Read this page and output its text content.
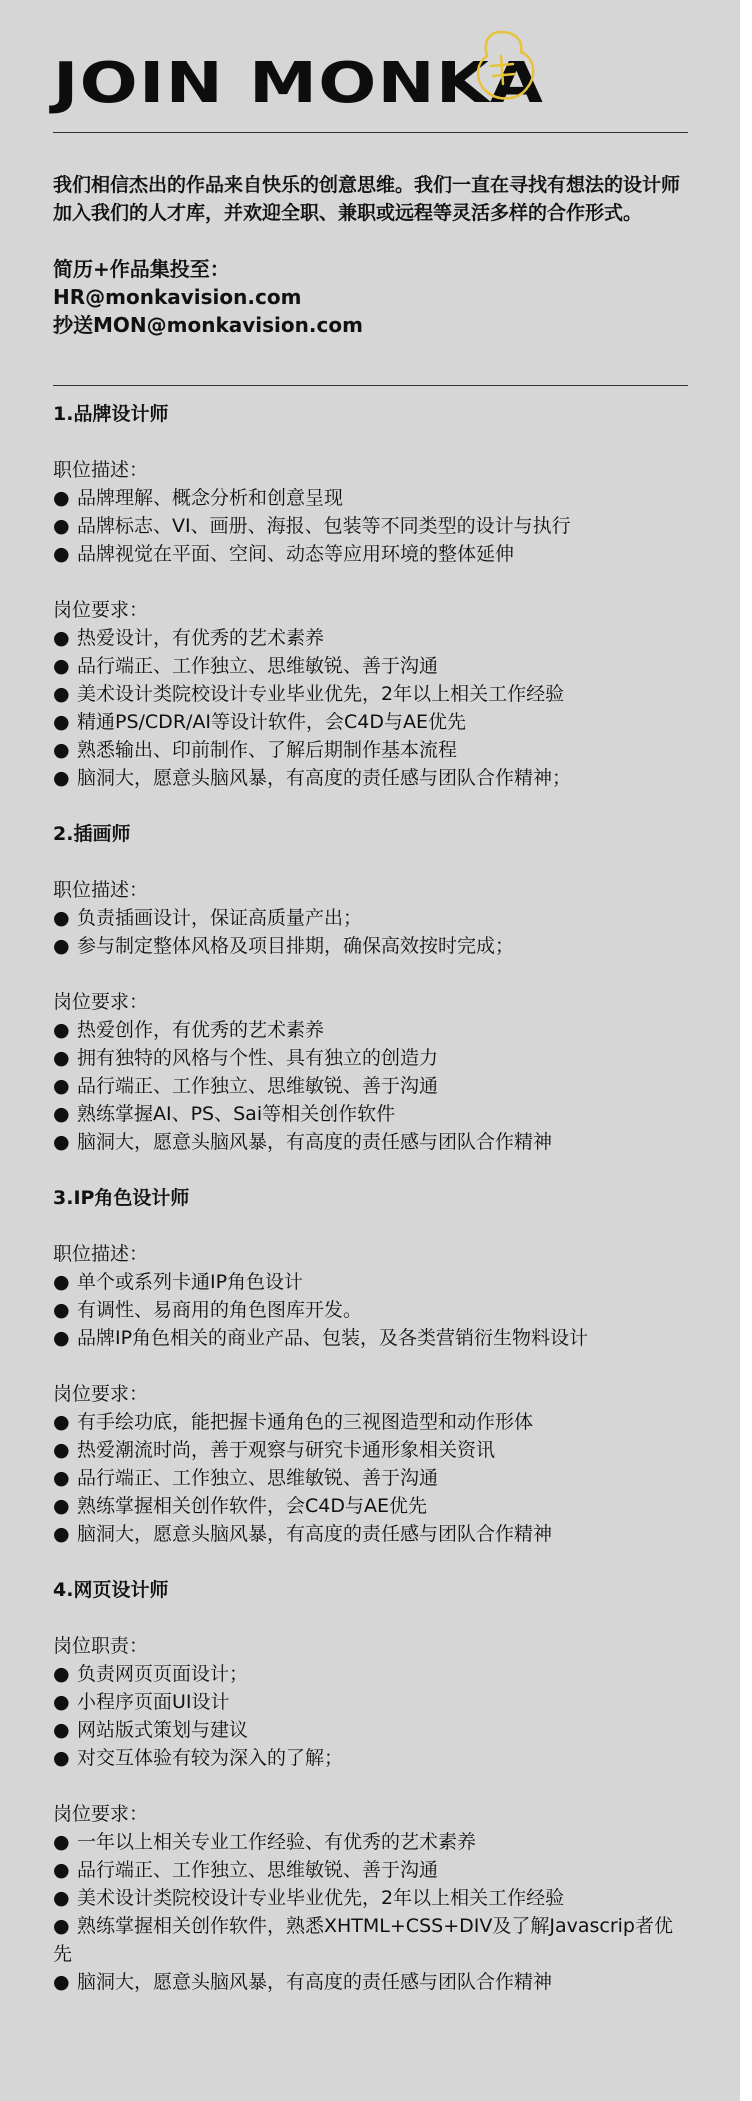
JOIN MONKA

我们相信杰出的作品来自快乐的创意思维。我们一直在寻找有想法的设计师加入我们的人才库，并欢迎全职、兼职或远程等灵活多样的合作形式。

简历+作品集投至：
HR@monkavision.com
抄送MON@monkavision.com
1.品牌设计师
职位描述：
● 品牌理解、概念分析和创意呈现
● 品牌标志、VI、画册、海报、包装等不同类型的设计与执行
● 品牌视觉在平面、空间、动态等应用环境的整体延伸
岗位要求：
● 热爱设计，有优秀的艺术素养
● 品行端正、工作独立、思维敏锐、善于沟通
● 美术设计类院校设计专业毕业优先，2年以上相关工作经验
● 精通PS/CDR/AI等设计软件，会C4D与AE优先
● 熟悉输出、印前制作、了解后期制作基本流程
● 脑洞大，愿意头脑风暴，有高度的责任感与团队合作精神；
2.插画师
职位描述：
● 负责插画设计，保证高质量产出；
● 参与制定整体风格及项目排期，确保高效按时完成；
岗位要求：
● 热爱创作，有优秀的艺术素养
● 拥有独特的风格与个性、具有独立的创造力
● 品行端正、工作独立、思维敏锐、善于沟通
● 熟练掌握AI、PS、Sai等相关创作软件
● 脑洞大，愿意头脑风暴，有高度的责任感与团队合作精神
3.IP角色设计师
职位描述：
● 单个或系列卡通IP角色设计
● 有调性、易商用的角色图库开发。
● 品牌IP角色相关的商业产品、包装，及各类营销衍生物料设计
岗位要求：
● 有手绘功底，能把握卡通角色的三视图造型和动作形体
● 热爱潮流时尚，善于观察与研究卡通形象相关资讯
● 品行端正、工作独立、思维敏锐、善于沟通
● 熟练掌握相关创作软件，会C4D与AE优先
● 脑洞大，愿意头脑风暴，有高度的责任感与团队合作精神
4.网页设计师
岗位职责：
● 负责网页页面设计；
● 小程序页面UI设计
● 网站版式策划与建议
● 对交互体验有较为深入的了解；
岗位要求：
● 一年以上相关专业工作经验、有优秀的艺术素养
● 品行端正、工作独立、思维敏锐、善于沟通
● 美术设计类院校设计专业毕业优先，2年以上相关工作经验
● 熟练掌握相关创作软件，熟悉XHTML+CSS+DIV及了解Javascrip者优先
● 脑洞大，愿意头脑风暴，有高度的责任感与团队合作精神
